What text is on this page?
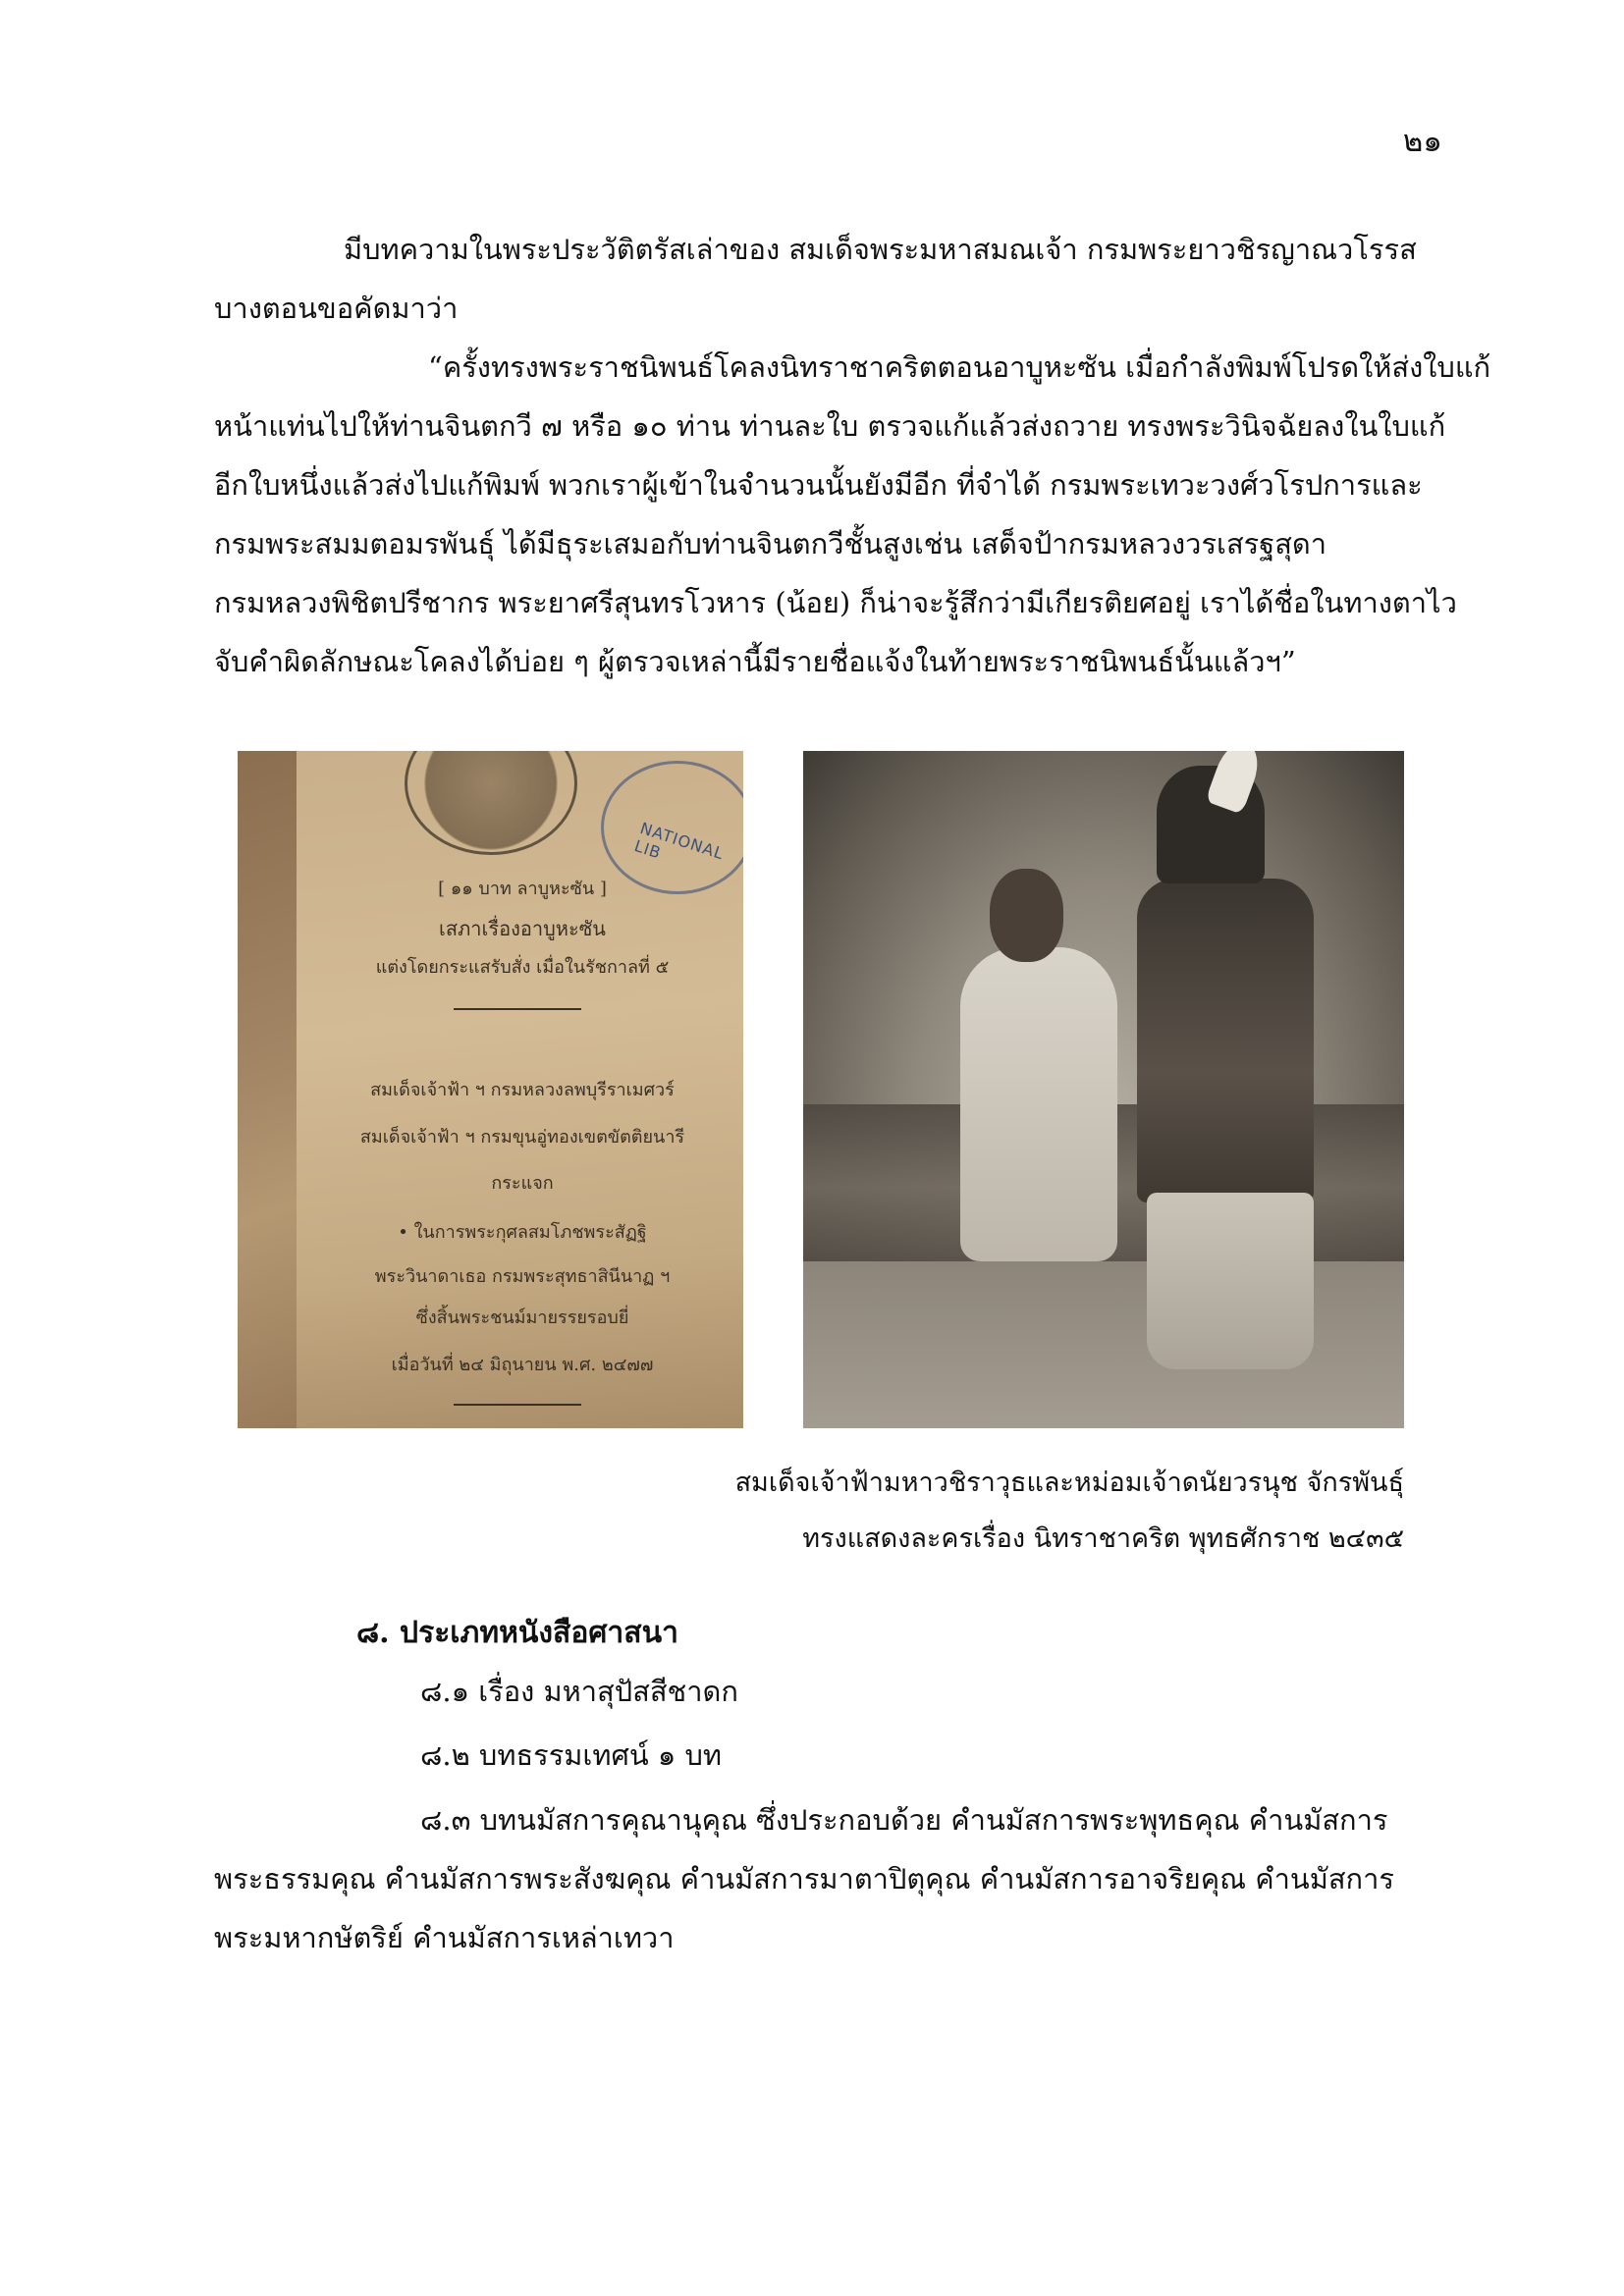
๒๑
มีบทความในพระประวัติตรัสเล่าของ สมเด็จพระมหาสมณเจ้า กรมพระยาวชิรญาณวโรรส
บางตอนขอคัดมาว่า
“ครั้งทรงพระราชนิพนธ์โคลงนิทราชาคริตตอนอาบูหะซัน เมื่อกำลังพิมพ์โปรดให้ส่งใบแก้
หน้าแท่นไปให้ท่านจินตกวี ๗ หรือ ๑๐ ท่าน ท่านละใบ ตรวจแก้แล้วส่งถวาย ทรงพระวินิจฉัยลงในใบแก้
อีกใบหนึ่งแล้วส่งไปแก้พิมพ์ พวกเราผู้เข้าในจำนวนนั้นยังมีอีก ที่จำได้ กรมพระเทวะวงศ์วโรปการและ
กรมพระสมมตอมรพันธุ์ ได้มีธุระเสมอกับท่านจินตกวีชั้นสูงเช่น เสด็จป้ากรมหลวงวรเสรฐสุดา
กรมหลวงพิชิตปรีชากร พระยาศรีสุนทรโวหาร (น้อย) ก็น่าจะรู้สึกว่ามีเกียรติยศอยู่ เราได้ชื่อในทางตาไว
จับคำผิดลักษณะโคลงได้บ่อย ๆ ผู้ตรวจเหล่านี้มีรายชื่อแจ้งในท้ายพระราชนิพนธ์นั้นแล้วฯ”
NATIONAL LIB
[ ๑๑ บาท ลาบูหะซัน ]
เสภาเรื่องอาบูหะซัน
แต่งโดยกระแสรับสั่ง เมื่อในรัชกาลที่ ๕
สมเด็จเจ้าฟ้า ฯ กรมหลวงลพบุรีราเมศวร์
สมเด็จเจ้าฟ้า ฯ กรมขุนอู่ทองเขตขัตติยนารี
กระแจก
• ในการพระกุศลสมโภชพระสัฏฐิ
พระวินาดาเธอ กรมพระสุทธาสินีนาฏ ฯ
ซึ่งสิ้นพระชนม์มายรรยรอบยี่
เมื่อวันที่ ๒๔ มิถุนายน พ.ศ. ๒๔๗๗
สมเด็จเจ้าฟ้ามหาวชิราวุธและหม่อมเจ้าดนัยวรนุช จักรพันธุ์
ทรงแสดงละครเรื่อง นิทราชาคริต พุทธศักราช ๒๔๓๕
๘. ประเภทหนังสือศาสนา
๘.๑ เรื่อง มหาสุปัสสีชาดก
๘.๒ บทธรรมเทศน์ ๑ บท
๘.๓ บทนมัสการคุณานุคุณ ซึ่งประกอบด้วย คำนมัสการพระพุทธคุณ คำนมัสการ
พระธรรมคุณ คำนมัสการพระสังฆคุณ คำนมัสการมาตาปิตุคุณ คำนมัสการอาจริยคุณ คำนมัสการ
พระมหากษัตริย์ คำนมัสการเหล่าเทวา
